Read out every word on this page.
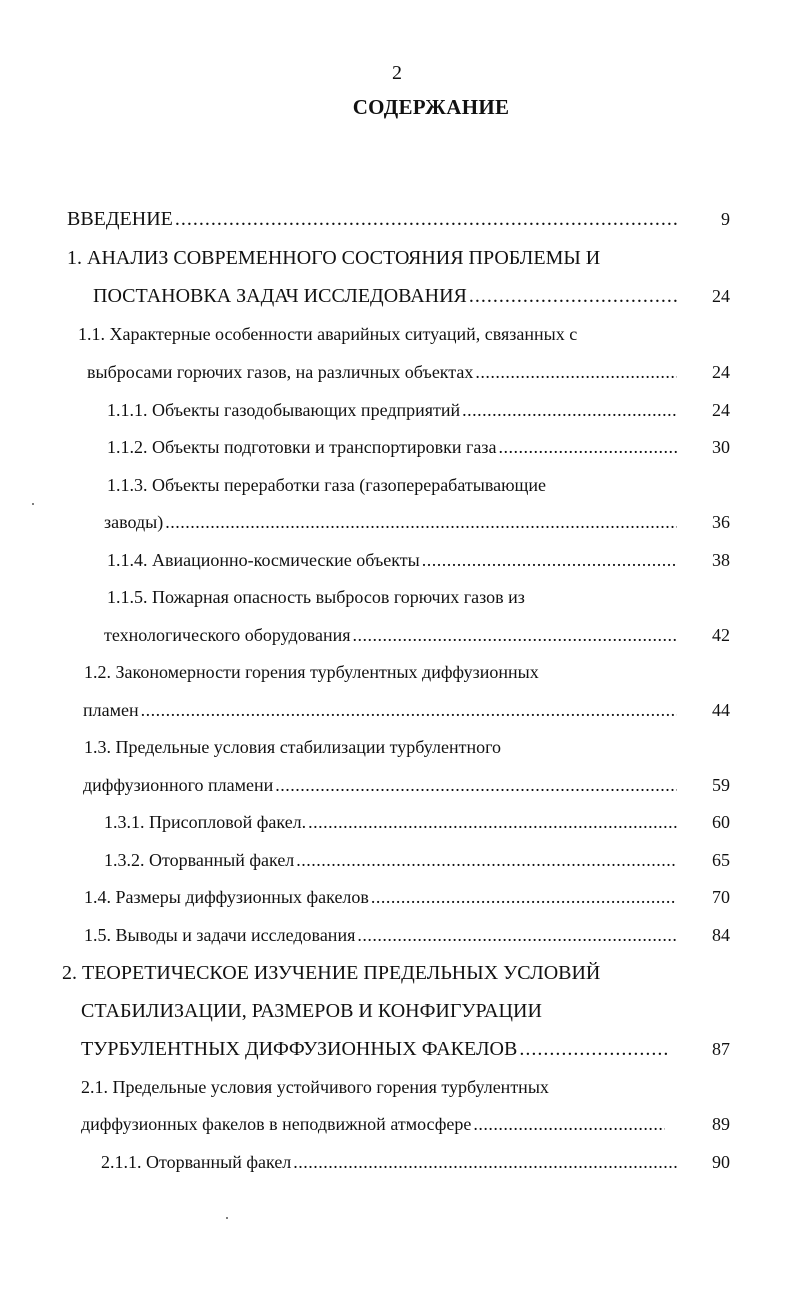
2
СОДЕРЖАНИЕ
ВВЕДЕНИЕ . . .	9
1. АНАЛИЗ СОВРЕМЕННОГО СОСТОЯНИЯ ПРОБЛЕМЫ И
ПОСТАНОВКА ЗАДАЧ ИССЛЕДОВАНИЯ . . .	24
1.1. Характерные особенности аварийных ситуаций, связанных с
выбросами горючих газов, на различных объектах . . .	24
1.1.1. Объекты газодобывающих предприятий . . .	24
1.1.2. Объекты подготовки и транспортировки газа . . .	30
1.1.3. Объекты переработки газа (газоперерабатывающие
заводы) . . .	36
1.1.4. Авиационно-космические объекты . . .	38
1.1.5. Пожарная опасность выбросов горючих газов из
технологического оборудования . . .	42
1.2. Закономерности горения турбулентных диффузионных
пламен . . .	44
1.3. Предельные условия стабилизации турбулентного
диффузионного пламени . . .	59
1.3.1. Присопловой факел. . . .	60
1.3.2. Оторванный факел . . .	65
1.4. Размеры диффузионных факелов . . .	70
1.5. Выводы и задачи исследования . . .	84
2. ТЕОРЕТИЧЕСКОЕ ИЗУЧЕНИЕ ПРЕДЕЛЬНЫХ УСЛОВИЙ
СТАБИЛИЗАЦИИ, РАЗМЕРОВ И КОНФИГУРАЦИИ
ТУРБУЛЕНТНЫХ ДИФФУЗИОННЫХ ФАКЕЛОВ . . .	87
2.1. Предельные условия устойчивого горения турбулентных
диффузионных факелов в неподвижной атмосфере . . .	89
2.1.1. Оторванный факел . . .	90
